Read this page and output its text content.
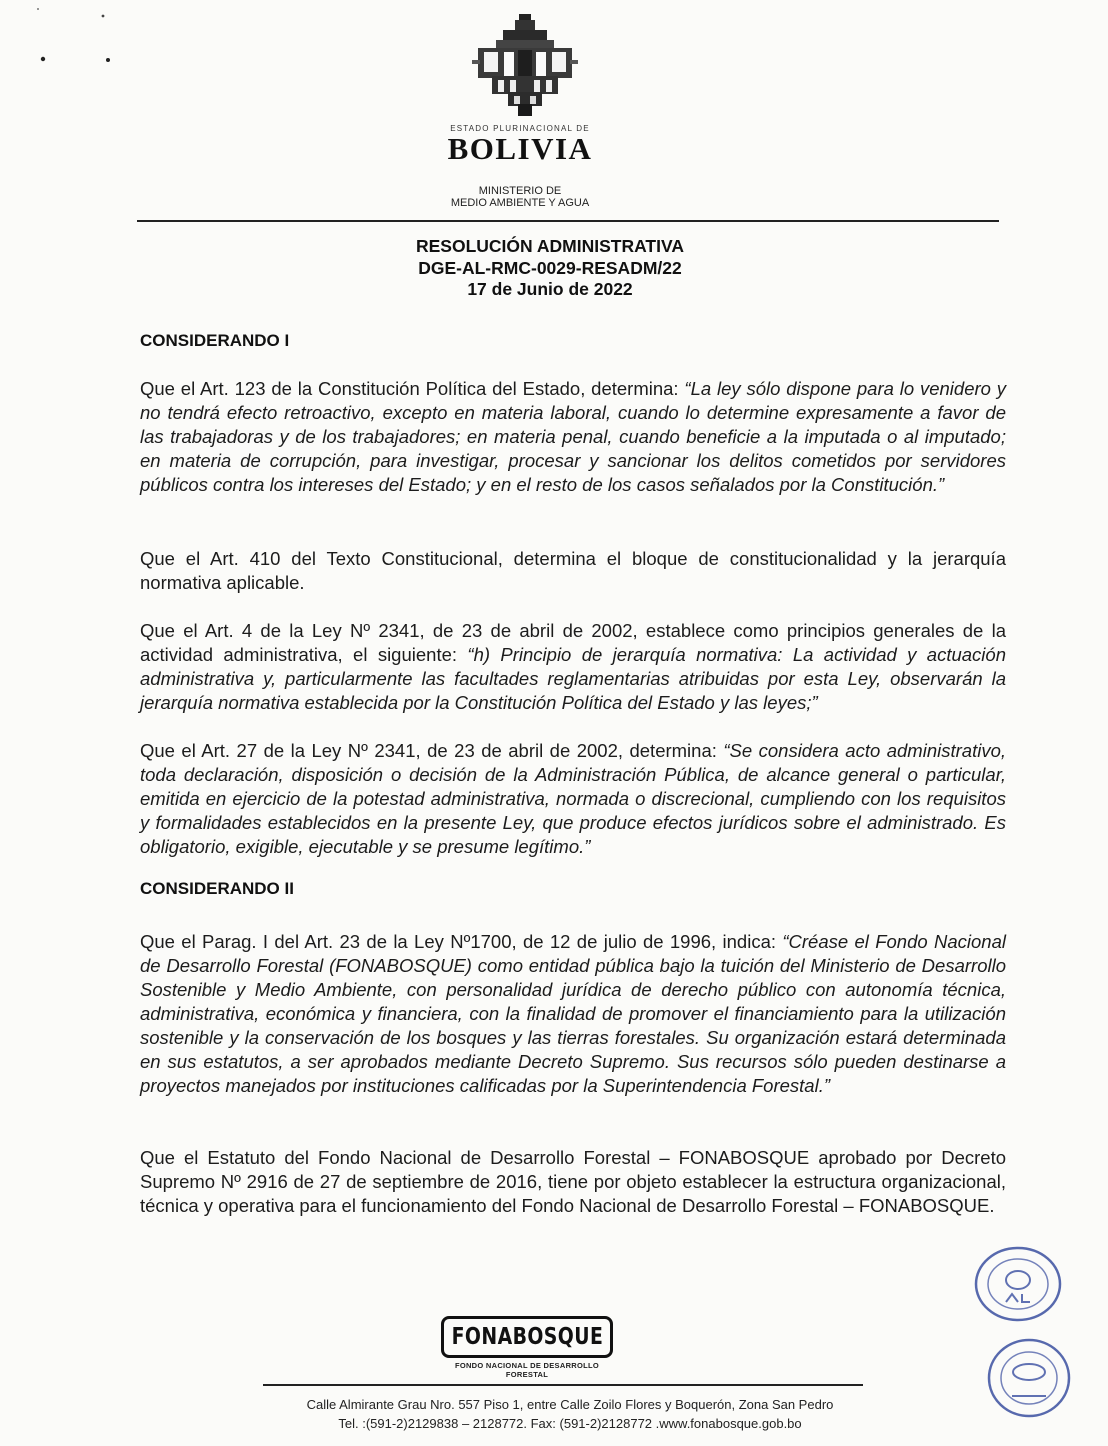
ESTADO PLURINACIONAL DE
BOLIVIA
MINISTERIO DE
MEDIO AMBIENTE Y AGUA
RESOLUCIÓN ADMINISTRATIVA
DGE-AL-RMC-0029-RESADM/22
17 de Junio de 2022
CONSIDERANDO I
Que el Art. 123 de la Constitución Política del Estado, determina: “La ley sólo dispone para lo venidero y no tendrá efecto retroactivo, excepto en materia laboral, cuando lo determine expresamente a favor de las trabajadoras y de los trabajadores; en materia penal, cuando beneficie a la imputada o al imputado; en materia de corrupción, para investigar, procesar y sancionar los delitos cometidos por servidores públicos contra los intereses del Estado; y en el resto de los casos señalados por la Constitución.”
Que el Art. 410 del Texto Constitucional, determina el bloque de constitucionalidad y la jerarquía normativa aplicable.
Que el Art. 4 de la Ley Nº 2341, de 23 de abril de 2002, establece como principios generales de la actividad administrativa, el siguiente: “h) Principio de jerarquía normativa: La actividad y actuación administrativa y, particularmente las facultades reglamentarias atribuidas por esta Ley, observarán la jerarquía normativa establecida por la Constitución Política del Estado y las leyes;”
Que el Art. 27 de la Ley Nº 2341, de 23 de abril de 2002, determina: “Se considera acto administrativo, toda declaración, disposición o decisión de la Administración Pública, de alcance general o particular, emitida en ejercicio de la potestad administrativa, normada o discrecional, cumpliendo con los requisitos y formalidades establecidos en la presente Ley, que produce efectos jurídicos sobre el administrado. Es obligatorio, exigible, ejecutable y se presume legítimo.”
CONSIDERANDO II
Que el Parag. I del Art. 23 de la Ley Nº1700, de 12 de julio de 1996, indica: “Créase el Fondo Nacional de Desarrollo Forestal (FONABOSQUE) como entidad pública bajo la tuición del Ministerio de Desarrollo Sostenible y Medio Ambiente, con personalidad jurídica de derecho público con autonomía técnica, administrativa, económica y financiera, con la finalidad de promover el financiamiento para la utilización sostenible y la conservación de los bosques y las tierras forestales. Su organización estará determinada en sus estatutos, a ser aprobados mediante Decreto Supremo. Sus recursos sólo pueden destinarse a proyectos manejados por instituciones calificadas por la Superintendencia Forestal.”
Que el Estatuto del Fondo Nacional de Desarrollo Forestal – FONABOSQUE aprobado por Decreto Supremo Nº 2916 de 27 de septiembre de 2016, tiene por objeto establecer la estructura organizacional, técnica y operativa para el funcionamiento del Fondo Nacional de Desarrollo Forestal – FONABOSQUE.
FONABOSQUE
FONDO NACIONAL DE DESARROLLO FORESTAL
Calle Almirante Grau Nro. 557 Piso 1, entre Calle Zoilo Flores y Boquerón, Zona San Pedro
Tel. :(591-2)2129838 – 2128772. Fax: (591-2)2128772 .www.fonabosque.gob.bo
